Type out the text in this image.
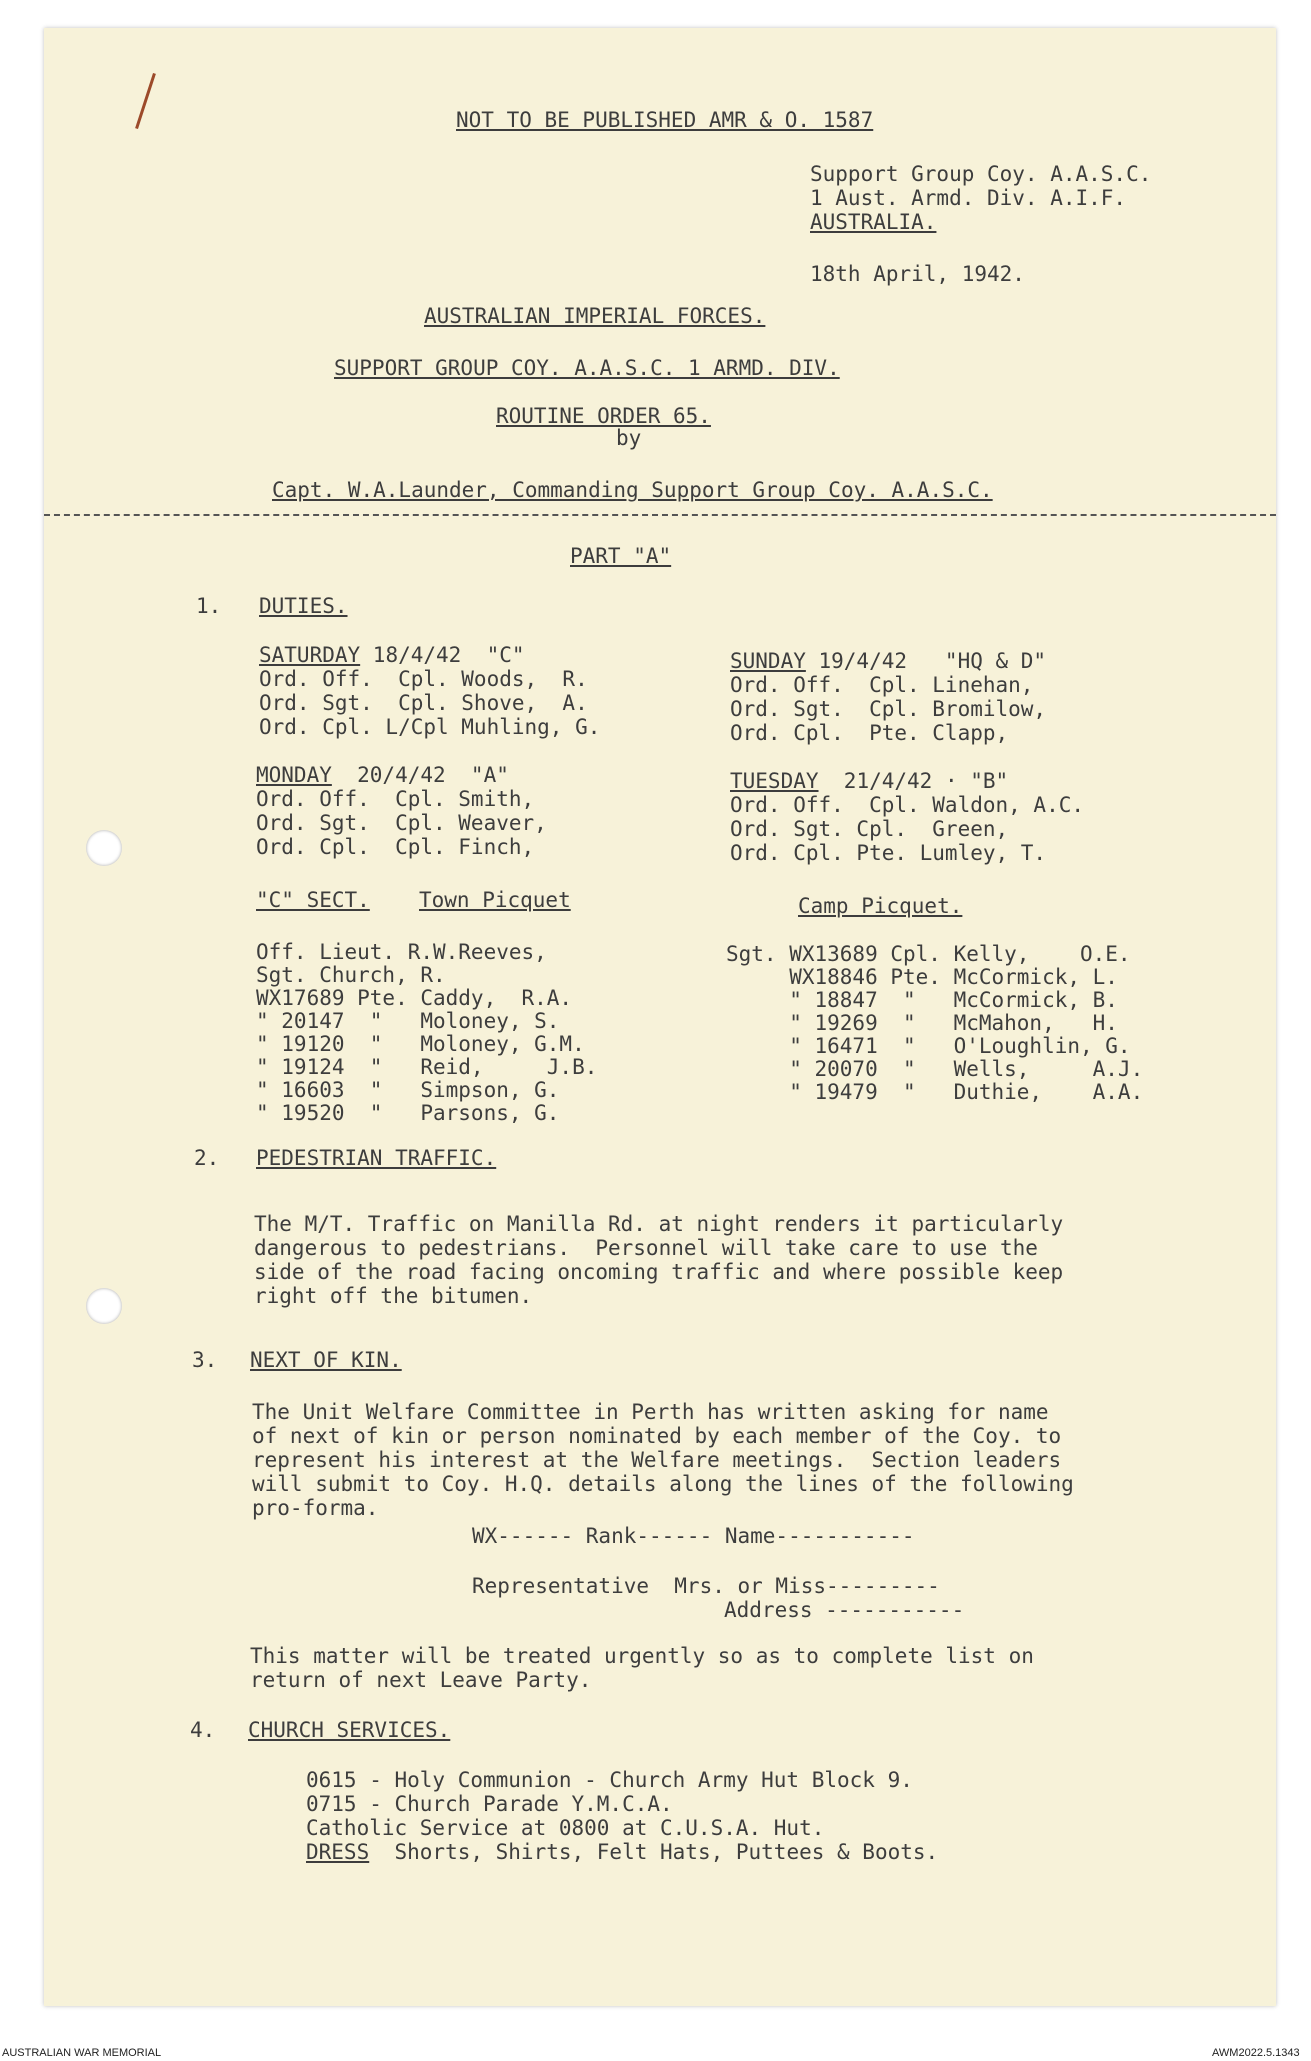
NOT TO BE PUBLISHED AMR & O. 1587
Support Group Coy. A.A.S.C.
1 Aust. Armd. Div. A.I.F.
AUSTRALIA.
18th April, 1942.
AUSTRALIAN IMPERIAL FORCES.
SUPPORT GROUP COY. A.A.S.C. 1 ARMD. DIV.
ROUTINE ORDER 65.
by
Capt. W.A.Launder, Commanding Support Group Coy. A.A.S.C.
PART "A"
1. DUTIES.
SATURDAY 18/4/42  "C"
Ord. Off.  Cpl. Woods,  R.
Ord. Sgt.  Cpl. Shove,  A.
Ord. Cpl. L/Cpl Muhling, G.
SUNDAY 19/4/42   "HQ & D"
Ord. Off.  Cpl. Linehan,
Ord. Sgt.  Cpl. Bromilow,
Ord. Cpl.  Pte. Clapp,
MONDAY  20/4/42  "A"
Ord. Off.  Cpl. Smith,
Ord. Sgt.  Cpl. Weaver,
Ord. Cpl.  Cpl. Finch,
TUESDAY  21/4/42 · "B"
Ord. Off.  Cpl. Waldon, A.C.
Ord. Sgt. Cpl.  Green,
Ord. Cpl. Pte. Lumley, T.
"C" SECT. Town Picquet
Off. Lieut. R.W.Reeves,
Sgt. Church, R.
WX17689 Pte. Caddy,  R.A.
" 20147  "   Moloney, S.
" 19120  "   Moloney, G.M.
" 19124  "   Reid,     J.B.
" 16603  "   Simpson, G.
" 19520  "   Parsons, G.
Camp Picquet.
Sgt. WX13689 Cpl. Kelly,    O.E.
WX18846 Pte. McCormick, L.
" 18847  "   McCormick, B.
" 19269  "   McMahon,   H.
" 16471  "   O'Loughlin, G.
" 20070  "   Wells,     A.J.
" 19479  "   Duthie,    A.A.
2. PEDESTRIAN TRAFFIC.
The M/T. Traffic on Manilla Rd. at night renders it particularly
dangerous to pedestrians.  Personnel will take care to use the
side of the road facing oncoming traffic and where possible keep
right off the bitumen.
3. NEXT OF KIN.
The Unit Welfare Committee in Perth has written asking for name
of next of kin or person nominated by each member of the Coy. to
represent his interest at the Welfare meetings.  Section leaders
will submit to Coy. H.Q. details along the lines of the following
pro-forma.
WX------ Rank------ Name-----------
Representative  Mrs. or Miss---------
Address -----------
This matter will be treated urgently so as to complete list on
return of next Leave Party.
4. CHURCH SERVICES.
0615 - Holy Communion - Church Army Hut Block 9.
0715 - Church Parade Y.M.C.A.
Catholic Service at 0800 at C.U.S.A. Hut.
DRESS  Shorts, Shirts, Felt Hats, Puttees & Boots.
AUSTRALIAN WAR MEMORIAL	AWM2022.5.1343
